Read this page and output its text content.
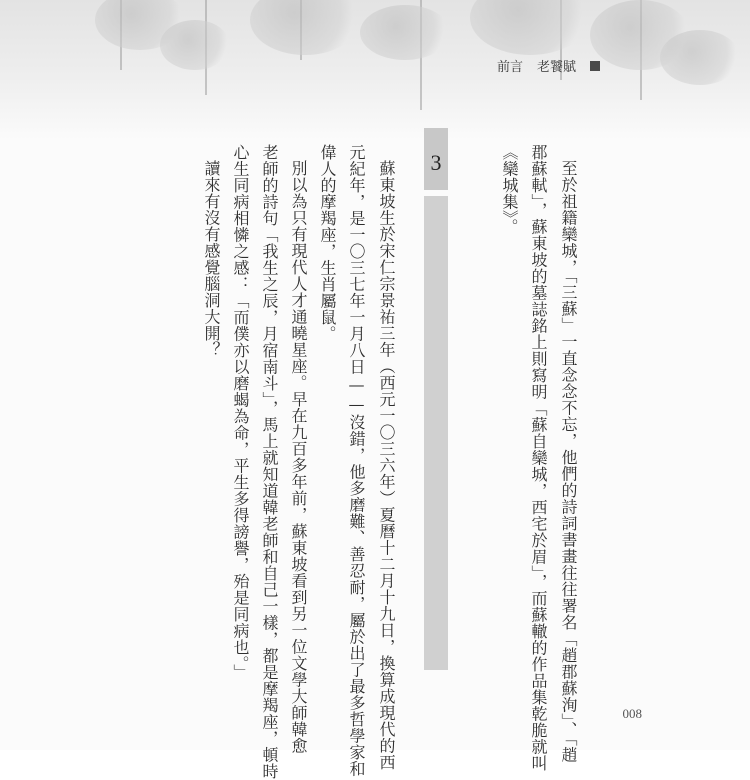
前言 老饕賦
至於祖籍欒城，「三蘇」一直念念不忘，他們的詩詞書畫往往署名「趙郡蘇洵」、「趙
郡蘇軾」，蘇東坡的墓誌銘上則寫明「蘇自欒城，西宅於眉」，而蘇轍的作品集乾脆就叫
《欒城集》。
3
蘇東坡生於宋仁宗景祐三年（西元一〇三六年）夏曆十二月十九日，換算成現代的西
元紀年，是一〇三七年一月八日——沒錯，他多磨難、善忍耐，屬於出了最多哲學家和
偉人的摩羯座，生肖屬鼠。
別以為只有現代人才通曉星座。早在九百多年前，蘇東坡看到另一位文學大師韓愈
老師的詩句「我生之辰，月宿南斗」，馬上就知道韓老師和自己一樣，都是摩羯座，頓時
心生同病相憐之感：「而僕亦以磨蝎為命，平生多得謗譽，殆是同病也。」
讀來有沒有感覺腦洞大開？
008
